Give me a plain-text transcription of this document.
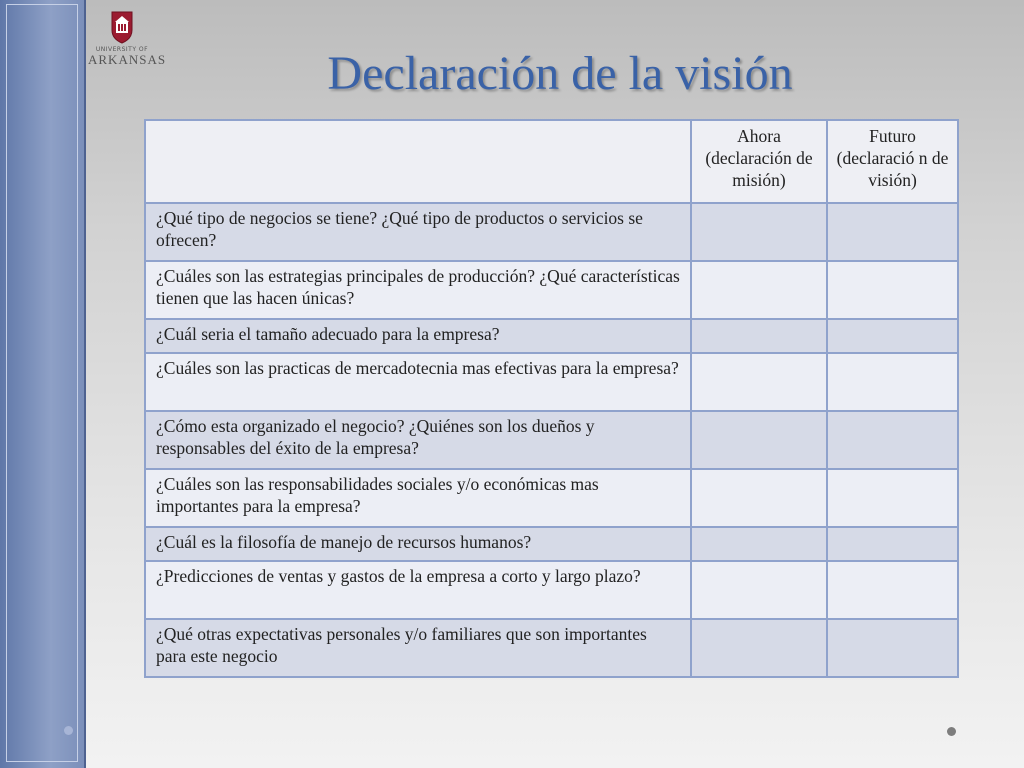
UNIVERSITY OF
ARKANSAS	Declaración de la visión
	Ahora (declaración de misión)	Futuro (declaració n de visión)
¿Qué tipo de negocios se tiene? ¿Qué tipo de productos o servicios se ofrecen?		
¿Cuáles son las estrategias principales de producción? ¿Qué características tienen que las hacen únicas?		
¿Cuál seria el tamaño adecuado para la empresa?		
¿Cuáles son las practicas de mercadotecnia mas efectivas para la empresa?		
¿Cómo esta organizado el negocio? ¿Quiénes son los dueños y responsables del éxito de la empresa?		
¿Cuáles son las responsabilidades sociales y/o económicas mas importantes para la empresa?		
¿Cuál es la filosofía de manejo de recursos humanos?		
¿Predicciones de ventas y gastos de la empresa a corto y largo plazo?		
¿Qué otras expectativas personales y/o familiares que son importantes para este negocio		
